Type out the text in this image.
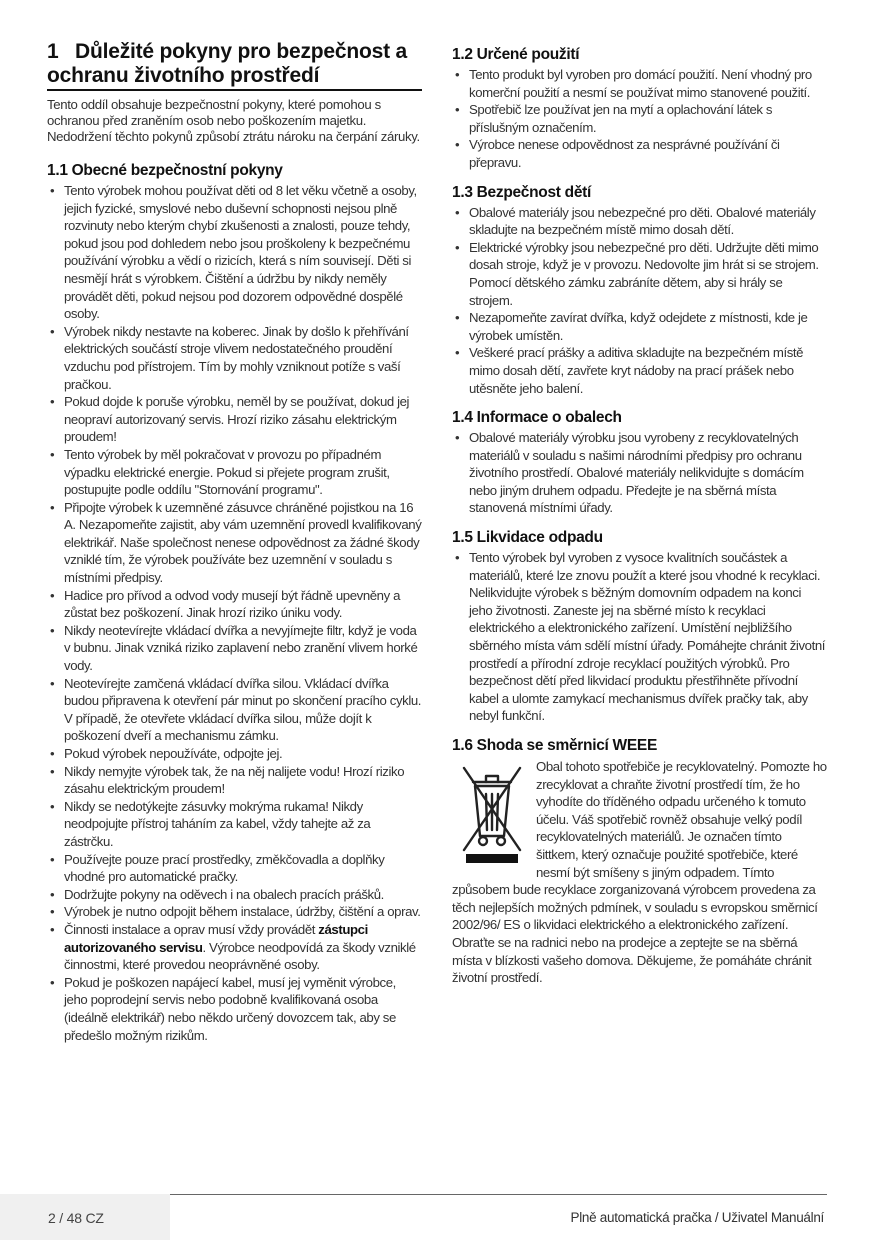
1 Důležité pokyny pro bezpečnost a ochranu životního prostředí

Tento oddíl obsahuje bezpečnostní pokyny, které pomohou s ochranou před zraněním osob nebo poškozením majetku. Nedodržení těchto pokynů způsobí ztrátu nároku na čerpání záruky.

1.1 Obecné bezpečnostní pokyny
• Tento výrobek mohou používat děti od 8 let věku včetně a osoby, jejich fyzické, smyslové nebo duševní schopnosti nejsou plně rozvinuty nebo kterým chybí zkušenosti a znalosti, pouze tehdy, pokud jsou pod dohledem nebo jsou proškoleny k bezpečnému používání výrobku a vědí o rizicích, která s ním souvisejí. Děti si nesmějí hrát s výrobkem. Čištění a údržbu by nikdy neměly provádět děti, pokud nejsou pod dozorem odpovědné dospělé osoby.
• Výrobek nikdy nestavte na koberec. Jinak by došlo k přehřívání elektrických součástí stroje vlivem nedostatečného proudění vzduchu pod přístrojem. Tím by mohly vzniknout potíže s vaší pračkou.
• Pokud dojde k poruše výrobku, neměl by se používat, dokud jej neopraví autorizovaný servis. Hrozí riziko zásahu elektrickým proudem!
• Tento výrobek by měl pokračovat v provozu po případném výpadku elektrické energie. Pokud si přejete program zrušit, postupujte podle oddílu "Stornování programu".
• Připojte výrobek k uzemněné zásuvce chráněné pojistkou na 16 A. Nezapomeňte zajistit, aby vám uzemnění provedl kvalifikovaný elektrikář. Naše společnost nenese odpovědnost za žádné škody vzniklé tím, že výrobek používáte bez uzemnění v souladu s místními předpisy.
• Hadice pro přívod a odvod vody musejí být řádně upevněny a zůstat bez poškození. Jinak hrozí riziko úniku vody.
• Nikdy neotevírejte vkládací dvířka a nevyjímejte filtr, když je voda v bubnu. Jinak vzniká riziko zaplavení nebo zranění vlivem horké vody.
• Neotevírejte zamčená vkládací dvířka silou. Vkládací dvířka budou připravena k otevření pár minut po skončení pracího cyklu. V případě, že otevřete vkládací dvířka silou, může dojít k poškození dveří a mechanismu zámku.
• Pokud výrobek nepoužíváte, odpojte jej.
• Nikdy nemyjte výrobek tak, že na něj nalijete vodu! Hrozí riziko zásahu elektrickým proudem!
• Nikdy se nedotýkejte zásuvky mokrýma rukama! Nikdy neodpojujte přístroj taháním za kabel, vždy tahejte až za zástrčku.
• Používejte pouze prací prostředky, změkčovadla a doplňky vhodné pro automatické pračky.
• Dodržujte pokyny na oděvech i na obalech pracích prášků.
• Výrobek je nutno odpojit během instalace, údržby, čištění a oprav.
• Činnosti instalace a oprav musí vždy provádět zástupci autorizovaného servisu. Výrobce neodpovídá za škody vzniklé činnostmi, které provedou neoprávněné osoby.
• Pokud je poškozen napájecí kabel, musí jej vyměnit výrobce, jeho poprodejní servis nebo podobně kvalifikovaná osoba (ideálně elektrikář) nebo někdo určený dovozcem tak, aby se předešlo možným rizikům.
1.2 Určené použití
• Tento produkt byl vyroben pro domácí použití. Není vhodný pro komerční použití a nesmí se používat mimo stanovené použití.
• Spotřebič lze používat jen na mytí a oplachování látek s příslušným označením.
• Výrobce nenese odpovědnost za nesprávné používání či přepravu.
1.3 Bezpečnost dětí
• Obalové materiály jsou nebezpečné pro děti. Obalové materiály skladujte na bezpečném místě mimo dosah dětí.
• Elektrické výrobky jsou nebezpečné pro děti. Udržujte děti mimo dosah stroje, když je v provozu. Nedovolte jim hrát si se strojem. Pomocí dětského zámku zabráníte dětem, aby si hrály se strojem.
• Nezapomeňte zavírat dvířka, když odejdete z místnosti, kde je výrobek umístěn.
• Veškeré prací prášky a aditiva skladujte na bezpečném místě mimo dosah dětí, zavřete kryt nádoby na prací prášek nebo utěsněte jeho balení.
1.4 Informace o obalech
• Obalové materiály výrobku jsou vyrobeny z recyklovatelných materiálů v souladu s našimi národními předpisy pro ochranu životního prostředí. Obalové materiály nelikvidujte s domácím nebo jiným druhem odpadu. Předejte je na sběrná místa stanovená místními úřady.
1.5 Likvidace odpadu
• Tento výrobek byl vyroben z vysoce kvalitních součástek a materiálů, které lze znovu použít a které jsou vhodné k recyklaci. Nelikvidujte výrobek s běžným domovním odpadem na konci jeho životnosti. Zaneste jej na sběrné místo k recyklaci elektrického a elektronického zařízení. Umístění nejbližšího sběrného místa vám sdělí místní úřady. Pomáhejte chránit životní prostředí a přírodní zdroje recyklací použitých výrobků. Pro bezpečnost dětí před likvidací produktu přestřihněte přívodní kabel a ulomte zamykací mechanismus dvířek pračky tak, aby nebyl funkční.
1.6 Shoda se směrnicí WEEE
Obal tohoto spotřebiče je recyklovatelný. Pomozte ho zrecyklovat a chraňte životní prostředí tím, že ho vyhodíte do tříděného odpadu určeného k tomuto účelu. Váš spotřebič rovněž obsahuje velký podíl recyklovatelných materiálů. Je označen tímto šittkem, který označuje použité spotřebiče, které nesmí být smíšeny s jiným odpadem. Tímto způsobem bude recyklace zorganizovaná výrobcem provedena za těch nejlepších možných pdmínek, v souladu s evropskou směrnicí 2002/96/ ES o likvidaci elektrického a elektronického zařízení. Obraťte se na radnici nebo na prodejce a zeptejte se na sběrná místa v blízkosti vašeho domova. Děkujeme, že pomáháte chránit životní prostředí.
2 / 48 CZ	Plně automatická pračka / Uživatel Manuální
